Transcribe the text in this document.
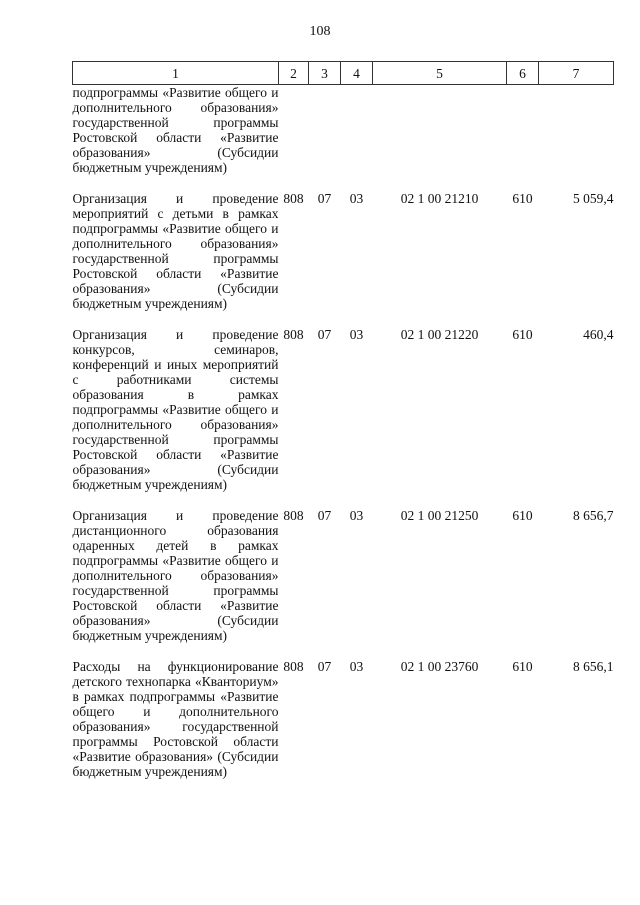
108
1	2	3	4	5	6	7
подпрограммы «Развитие общего и дополнительного образования» государственной программы Ростовской области «Развитие образования» (Субсидии бюджетным учреждениям)						

Организация и проведение мероприятий с детьми в рамках подпрограммы «Развитие общего и дополнительного образования» государственной программы Ростовской области «Развитие образования» (Субсидии бюджетным учреждениям)	808	07	03	02 1 00 21210	610	5 059,4

Организация и проведение конкурсов, семинаров, конференций и иных мероприятий с работниками системы образования в рамках подпрограммы «Развитие общего и дополнительного образования» государственной программы Ростовской области «Развитие образования» (Субсидии бюджетным учреждениям)	808	07	03	02 1 00 21220	610	460,4

Организация и проведение дистанционного образования одаренных детей в рамках подпрограммы «Развитие общего и дополнительного образования» государственной программы Ростовской области «Развитие образования» (Субсидии бюджетным учреждениям)	808	07	03	02 1 00 21250	610	8 656,7

Расходы на функционирование детского технопарка «Кванториум» в рамках подпрограммы «Развитие общего и дополнительного образования» государственной программы Ростовской области «Развитие образования» (Субсидии бюджетным учреждениям)	808	07	03	02 1 00 23760	610	8 656,1
